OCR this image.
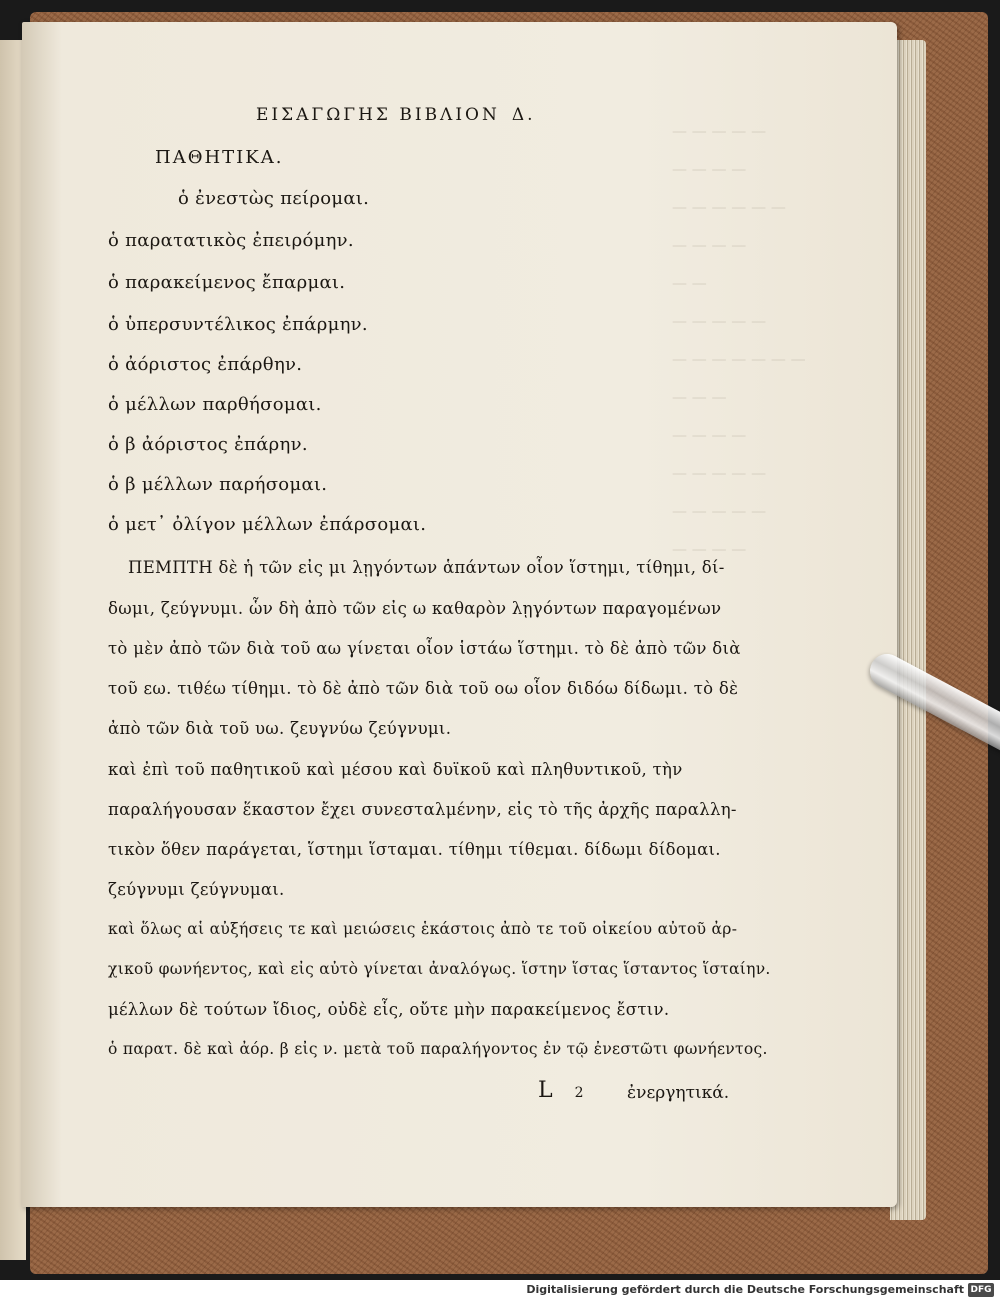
— — — — —
— — — —
— — — — — —
— — — —
— —
— — — — —
— — — — — — —
— — —
— — — —
— — — — —
— — — — —
— — — —
ΕΙΣΑΓΩΓΗΣ ΒΙΒΛΙΟΝ Δ.
ΠΑΘΗΤΙΚΑ.
ὁ ἐνεστὼς πείρομαι.
ὁ παρατατικὸς ἐπειρόμην.
ὁ παρακείμενος ἔπαρμαι.
ὁ ὑπερσυντέλικος ἐπάρμην.
ὁ ἀόριστος ἐπάρθην.
ὁ μέλλων παρθήσομαι.
ὁ β ἀόριστος ἐπάρην.
ὁ β μέλλων παρήσομαι.
ὁ μετ᾽ ὀλίγον μέλλων ἐπάρσομαι.
ΠΕΜΠΤΗ δὲ ἡ τῶν εἰς μι λῃγόντων ἁπάντων οἷον ἵστημι, τίθημι, δί-
δωμι, ζεύγνυμι. ὧν δὴ ἀπὸ τῶν εἰς ω καθαρὸν λῃγόντων παραγομένων
τὸ μὲν ἀπὸ τῶν διὰ τοῦ αω γίνεται οἷον ἱστάω ἵστημι. τὸ δὲ ἀπὸ τῶν διὰ
τοῦ εω. τιθέω τίθημι. τὸ δὲ ἀπὸ τῶν διὰ τοῦ οω οἷον διδόω δίδωμι. τὸ δὲ
ἀπὸ τῶν διὰ τοῦ υω. ζευγνύω ζεύγνυμι.
καὶ ἐπὶ τοῦ παθητικοῦ καὶ μέσου καὶ δυϊκοῦ καὶ πληθυντικοῦ, τὴν
παραλήγουσαν ἕκαστον ἔχει συνεσταλμένην, εἰς τὸ τῆς ἀρχῆς παραλλη-
τικὸν ὅθεν παράγεται, ἵστημι ἵσταμαι. τίθημι τίθεμαι. δίδωμι δίδομαι.
ζεύγνυμι ζεύγνυμαι.
καὶ ὅλως αἱ αὐξήσεις τε καὶ μειώσεις ἑκάστοις ἀπὸ τε τοῦ οἰκείου αὐτοῦ ἀρ-
χικοῦ φωνήεντος, καὶ εἰς αὐτὸ γίνεται ἀναλόγως. ἵστην ἵστας ἵσταντος ἵσταίην.
μέλλων δὲ τούτων ἴδιος, οὐδὲ εἷς, οὔτε μὴν παρακείμενος ἔστιν.
ὁ παρατ. δὲ καὶ ἀόρ. β εἰς ν. μετὰ τοῦ παραλήγοντος ἐν τῷ ἐνεστῶτι φωνήεντος.
L 2	ἐνεργητικά.
Digitalisierung gefördert durch die Deutsche Forschungsgemeinschaft DFG
